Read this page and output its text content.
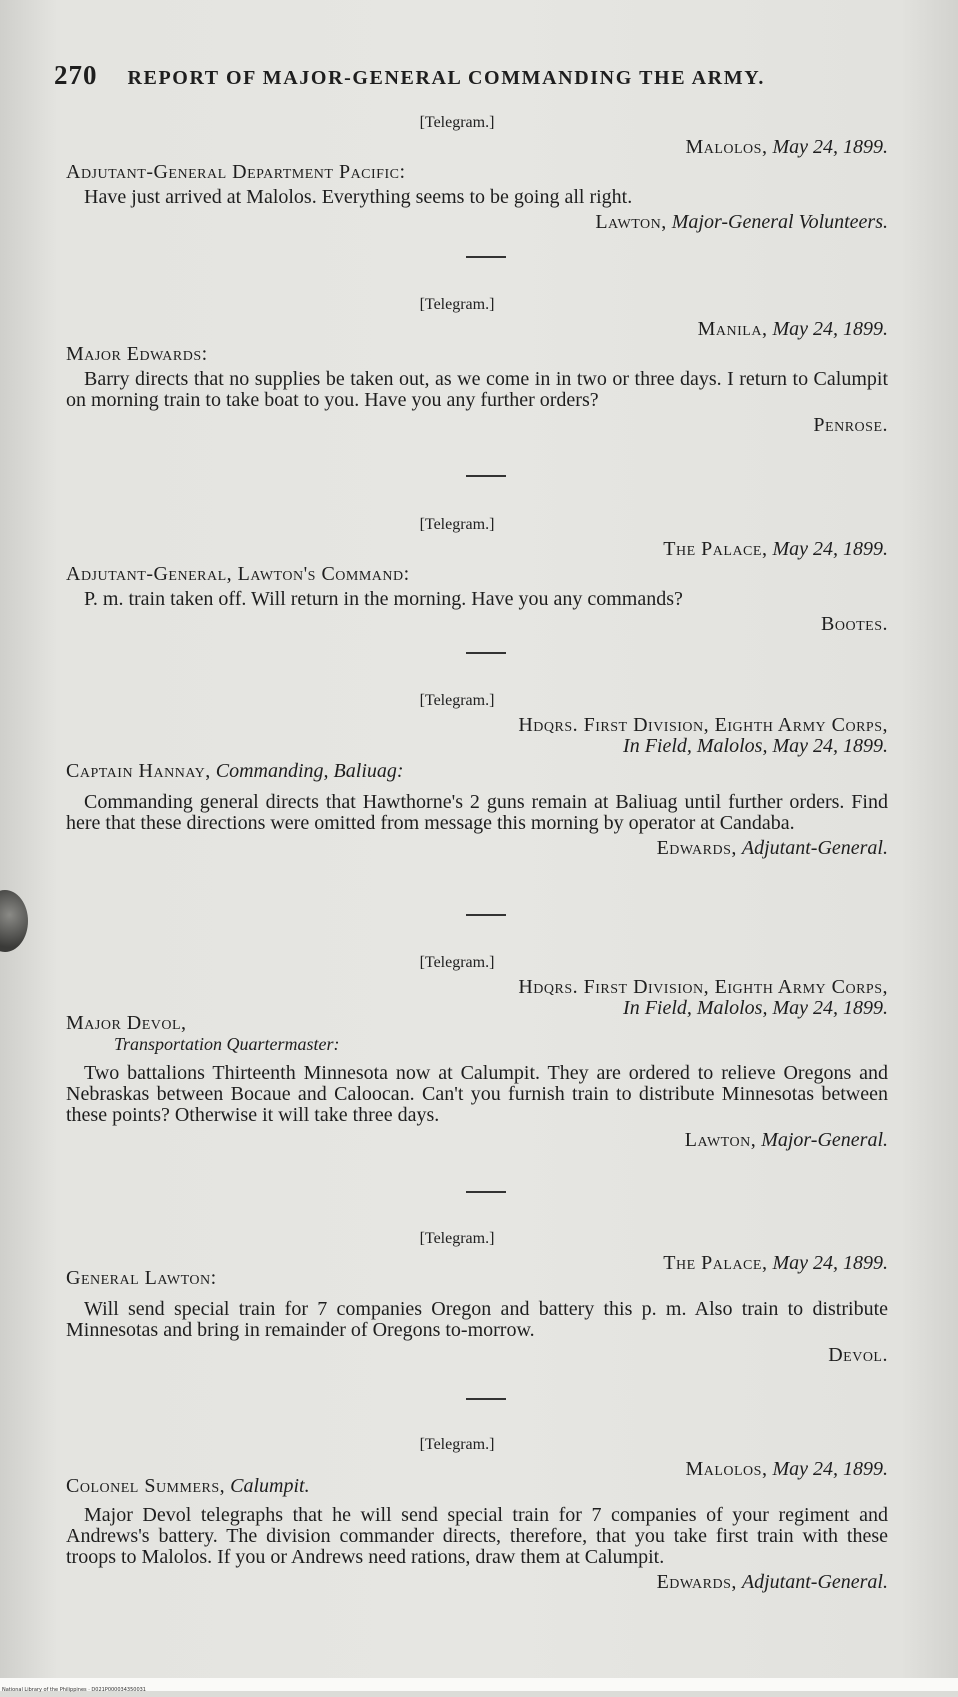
270 REPORT OF MAJOR-GENERAL COMMANDING THE ARMY.
[Telegram.]
Malolos, May 24, 1899.
Adjutant-General Department Pacific:
Have just arrived at Malolos. Everything seems to be going all right.
Lawton, Major-General Volunteers.
[Telegram.]
Manila, May 24, 1899.
Major Edwards:
Barry directs that no supplies be taken out, as we come in in two or three days. I return to Calumpit on morning train to take boat to you. Have you any further orders?
Penrose.
[Telegram.]
The Palace, May 24, 1899.
Adjutant-General, Lawton's Command:
P. m. train taken off. Will return in the morning. Have you any commands?
Bootes.
[Telegram.]
Hdqrs. First Division, Eighth Army Corps,
In Field, Malolos, May 24, 1899.
Captain Hannay, Commanding, Baliuag:
Commanding general directs that Hawthorne's 2 guns remain at Baliuag until further orders. Find here that these directions were omitted from message this morning by operator at Candaba.
Edwards, Adjutant-General.
[Telegram.]
Hdqrs. First Division, Eighth Army Corps,
In Field, Malolos, May 24, 1899.
Major Devol,
Transportation Quartermaster:
Two battalions Thirteenth Minnesota now at Calumpit. They are ordered to relieve Oregons and Nebraskas between Bocaue and Caloocan. Can't you furnish train to distribute Minnesotas between these points? Otherwise it will take three days.
Lawton, Major-General.
[Telegram.]
The Palace, May 24, 1899.
General Lawton:
Will send special train for 7 companies Oregon and battery this p. m. Also train to distribute Minnesotas and bring in remainder of Oregons to-morrow.
Devol.
[Telegram.]
Malolos, May 24, 1899.
Colonel Summers, Calumpit.
Major Devol telegraphs that he will send special train for 7 companies of your regiment and Andrews's battery. The division commander directs, therefore, that you take first train with these troops to Malolos. If you or Andrews need rations, draw them at Calumpit.
Edwards, Adjutant-General.
National Library of the Philippines · D021P000034350031
